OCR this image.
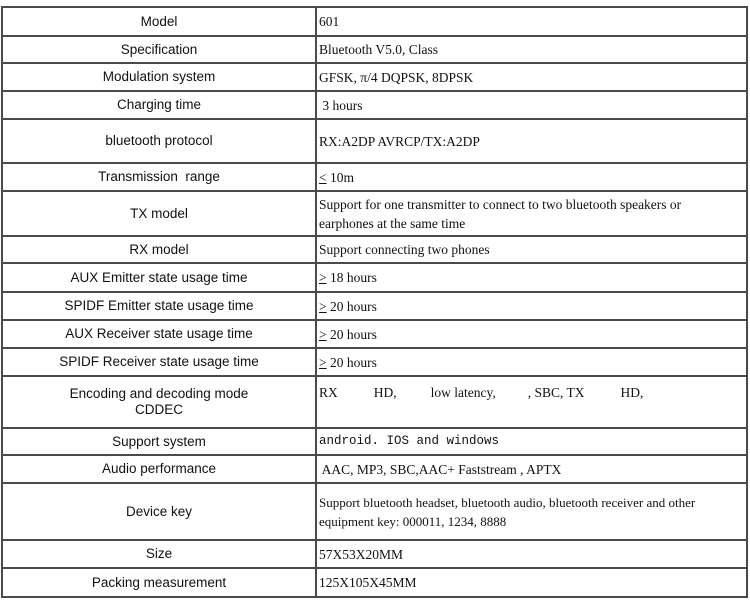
Model	601
Specification	Bluetooth V5.0, Class
Modulation system	GFSK, π/4 DQPSK, 8DPSK
Charging time	3 hours
bluetooth protocol	RX:A2DP AVRCP/TX:A2DP
Transmission  range	≤ 10m
TX model	Support for one transmitter to connect to two bluetooth speakers or earphones at the same time
RX model	Support connecting two phones
AUX Emitter state usage time	≥ 18 hours
SPIDF Emitter state usage time	≥ 20 hours
AUX Receiver state usage time	≥ 20 hours
SPIDF Receiver state usage time	≥ 20 hours
Encoding and decoding mode CDDEC	RX HD, low latency, , SBC, TX HD,
Support system	android. IOS and windows
Audio performance	AAC, MP3, SBC,AAC+ Faststream , APTX
Device key	Support bluetooth headset, bluetooth audio, bluetooth receiver and other equipment key: 000011, 1234, 8888
Size	57X53X20MM
Packing measurement	125X105X45MM
